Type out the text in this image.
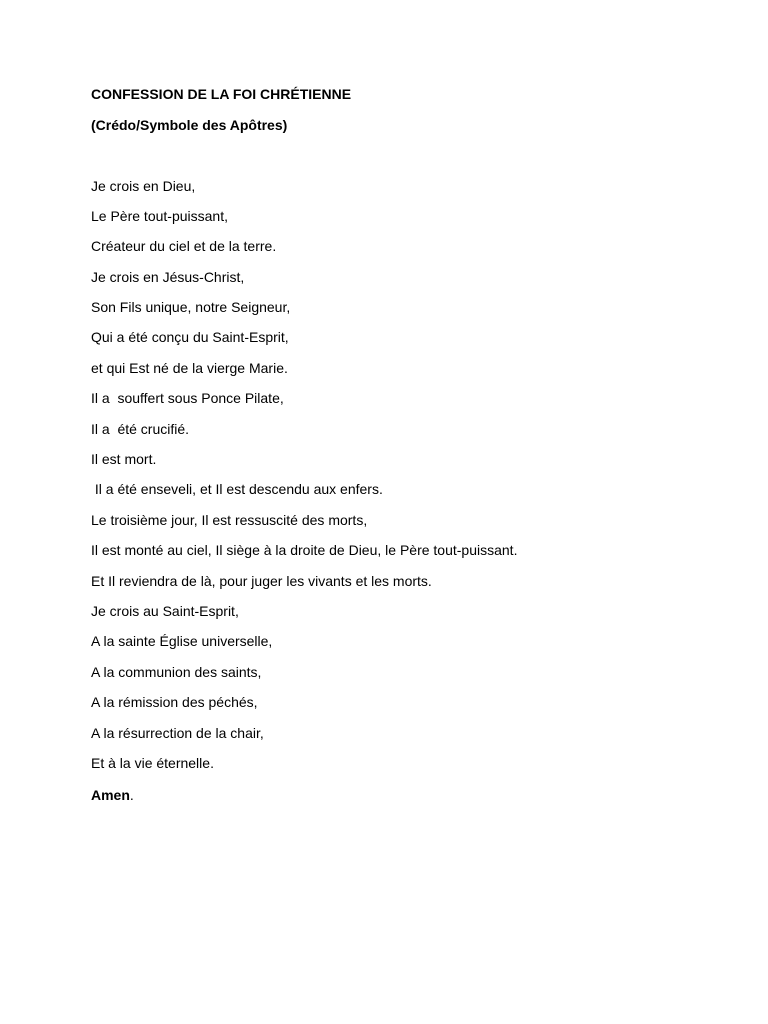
CONFESSION DE LA FOI CHRÉTIENNE

(Crédo/Symbole des Apôtres)

Je crois en Dieu,

Le Père tout-puissant,

Créateur du ciel et de la terre.

Je crois en Jésus-Christ,

Son Fils unique, notre Seigneur,

Qui a été conçu du Saint-Esprit,

et qui Est né de la vierge Marie.

Il a  souffert sous Ponce Pilate,

Il a  été crucifié.

Il est mort.

Il a été enseveli, et Il est descendu aux enfers.

Le troisième jour, Il est ressuscité des morts,

Il est monté au ciel, Il siège à la droite de Dieu, le Père tout-puissant.

Et Il reviendra de là, pour juger les vivants et les morts.

Je crois au Saint-Esprit,

A la sainte Église universelle,

A la communion des saints,

A la rémission des péchés,

A la résurrection de la chair,

Et à la vie éternelle.

Amen.
